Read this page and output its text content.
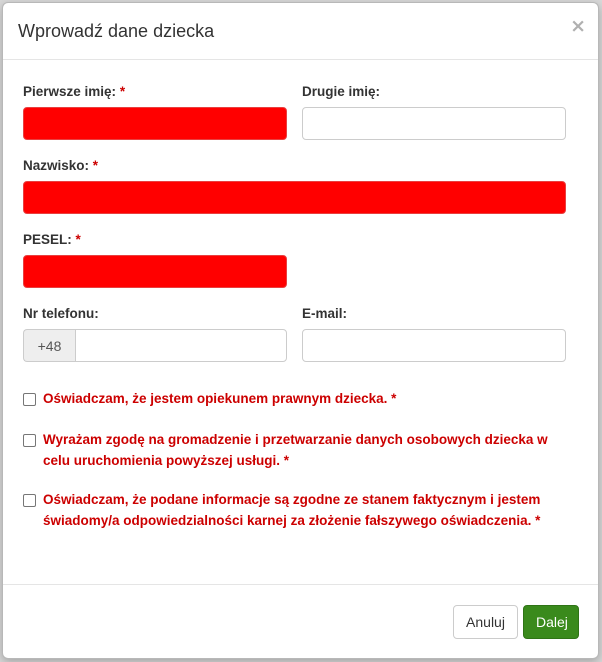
Wprowadź dane dziecka	×
Pierwsze imię: *	Drugie imię:
Nazwisko: *
PESEL: *
Nr telefonu:
+48
E-mail:
Oświadczam, że jestem opiekunem prawnym dziecka. *
Wyrażam zgodę na gromadzenie i przetwarzanie danych osobowych dziecka w celu uruchomienia powyższej usługi. *
Oświadczam, że podane informacje są zgodne ze stanem faktycznym i jestem świadomy/a odpowiedzialności karnej za złożenie fałszywego oświadczenia. *
Anuluj	Dalej
